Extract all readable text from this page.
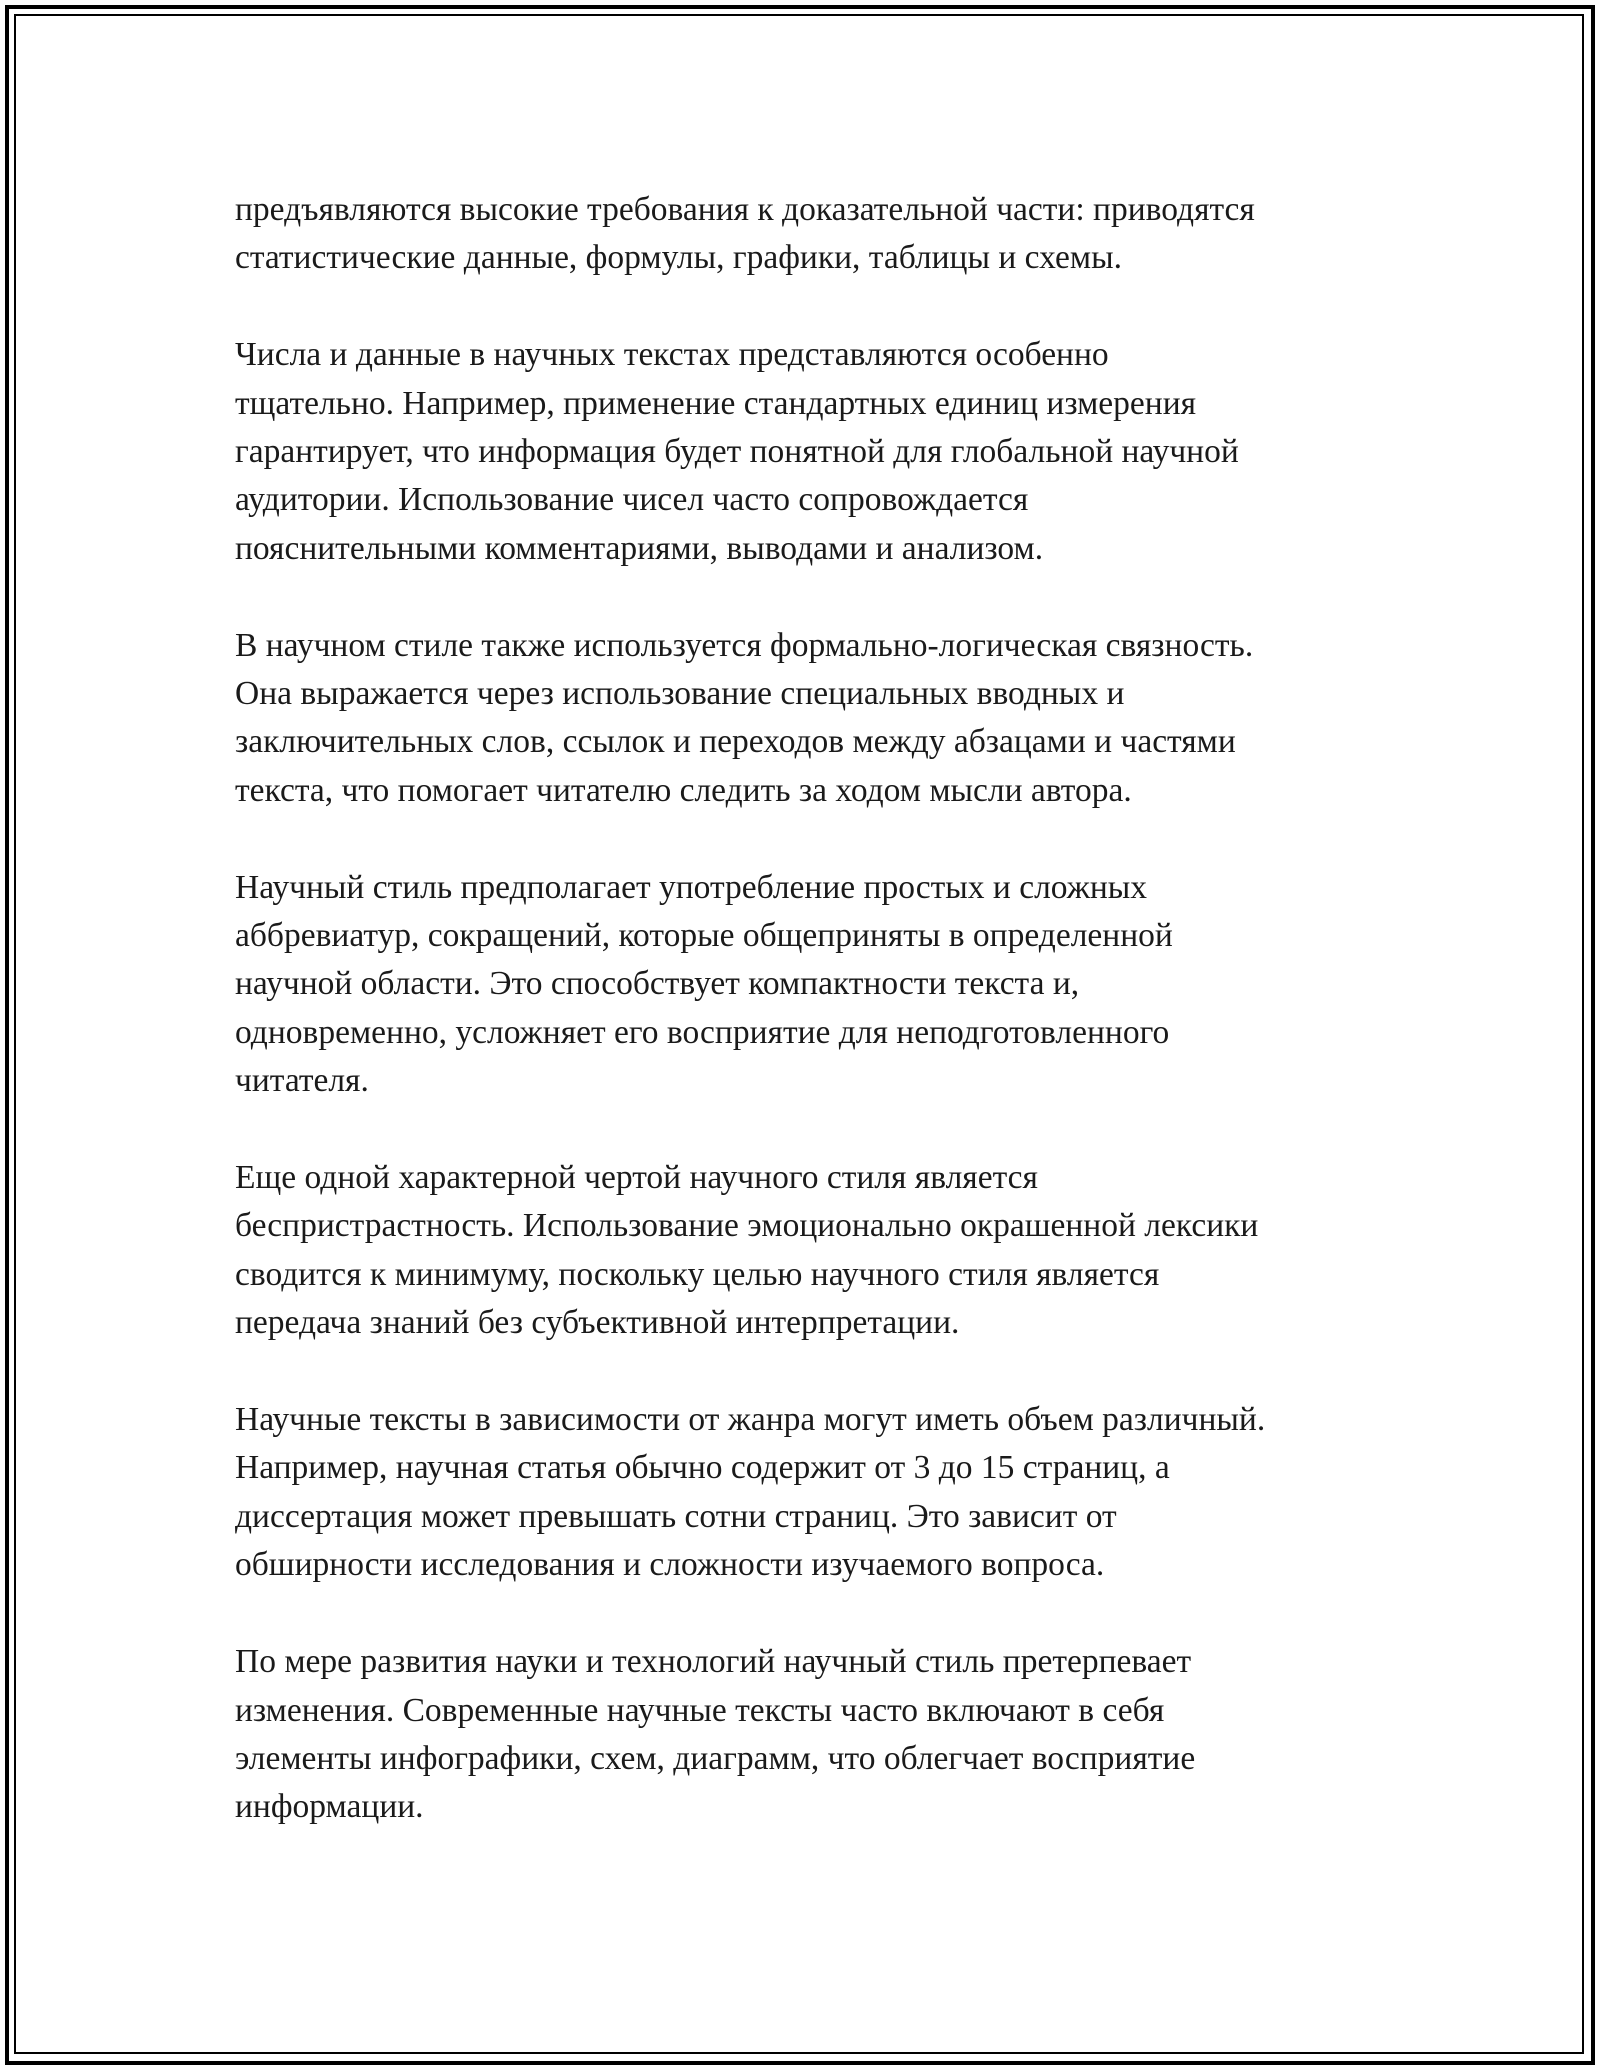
предъявляются высокие требования к доказательной части: приводятся
статистические данные, формулы, графики, таблицы и схемы.

Числа и данные в научных текстах представляются особенно
тщательно. Например, применение стандартных единиц измерения
гарантирует, что информация будет понятной для глобальной научной
аудитории. Использование чисел часто сопровождается
пояснительными комментариями, выводами и анализом.

В научном стиле также используется формально-логическая связность.
Она выражается через использование специальных вводных и
заключительных слов, ссылок и переходов между абзацами и частями
текста, что помогает читателю следить за ходом мысли автора.

Научный стиль предполагает употребление простых и сложных
аббревиатур, сокращений, которые общеприняты в определенной
научной области. Это способствует компактности текста и,
одновременно, усложняет его восприятие для неподготовленного
читателя.

Еще одной характерной чертой научного стиля является
беспристрастность. Использование эмоционально окрашенной лексики
сводится к минимуму, поскольку целью научного стиля является
передача знаний без субъективной интерпретации.

Научные тексты в зависимости от жанра могут иметь объем различный.
Например, научная статья обычно содержит от 3 до 15 страниц, а
диссертация может превышать сотни страниц. Это зависит от
обширности исследования и сложности изучаемого вопроса.

По мере развития науки и технологий научный стиль претерпевает
изменения. Современные научные тексты часто включают в себя
элементы инфографики, схем, диаграмм, что облегчает восприятие
информации.
